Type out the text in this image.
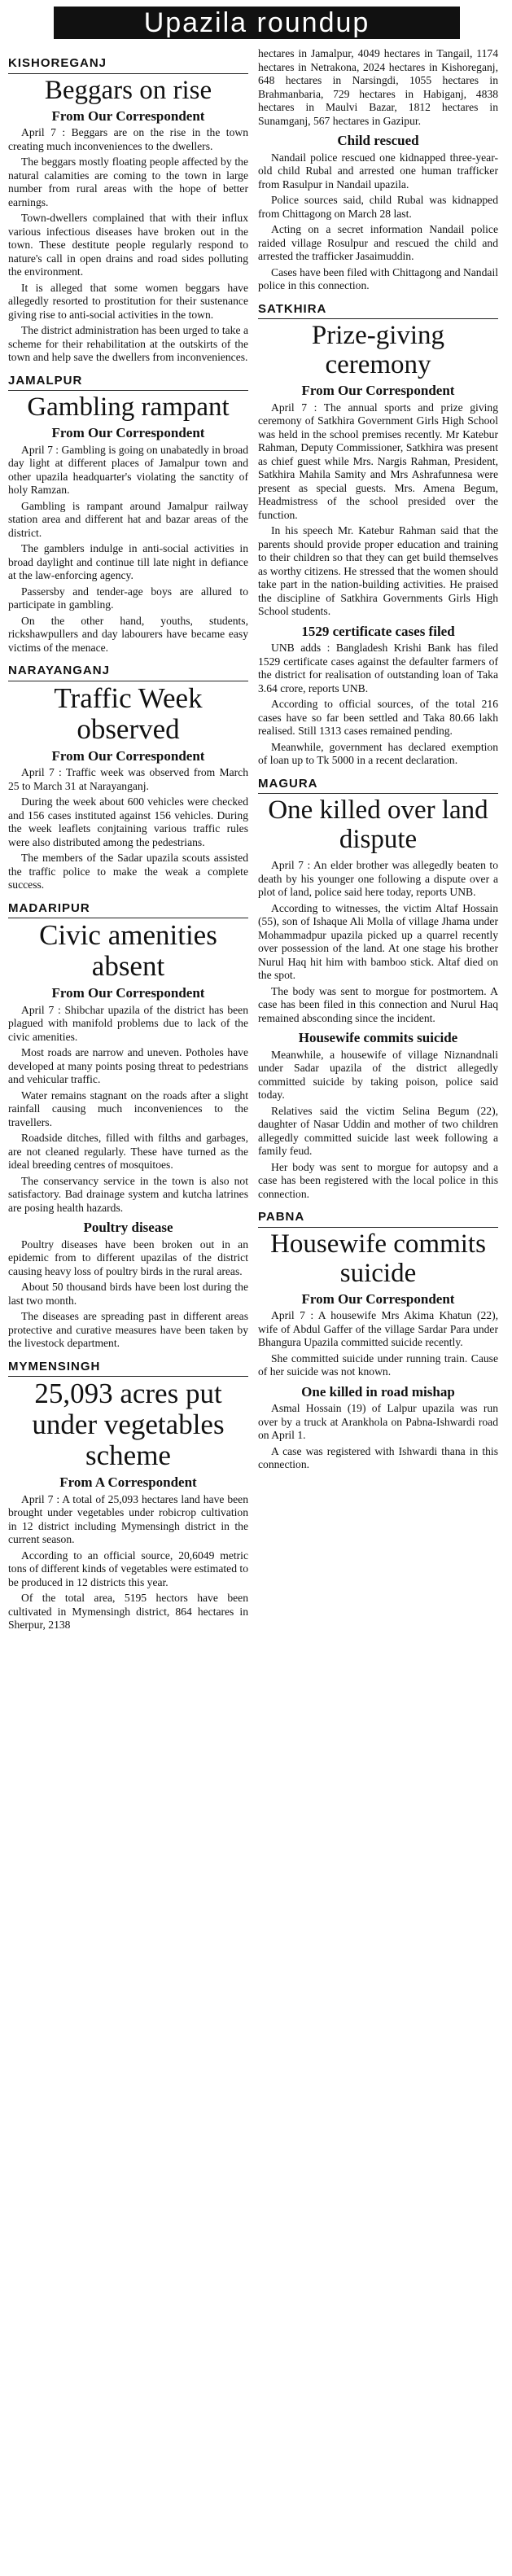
Upazila roundup
KISHOREGANJ
Beggars on rise
From Our Correspondent

April 7 : Beggars are on the rise in the town creating much inconveniences to the dwellers.

The beggars mostly floating people affected by the natural calamities are coming to the town in large number from rural areas with the hope of better earnings.

Town-dwellers complained that with their influx various infectious diseases have broken out in the town. These destitute people regularly respond to nature's call in open drains and road sides polluting the environment.

It is alleged that some women beggars have allegedly resorted to prostitution for their sustenance giving rise to anti-social activities in the town.

The district administration has been urged to take a scheme for their rehabilitation at the outskirts of the town and help save the dwellers from inconveniences.

JAMALPUR
Gambling rampant
From Our Correspondent

April 7 : Gambling is going on unabatedly in broad day light at different places of Jamalpur town and other upazila headquarter's violating the sanctity of holy Ramzan.

Gambling is rampant around Jamalpur railway station area and different hat and bazar areas of the district.

The gamblers indulge in anti-social activities in broad daylight and continue till late night in defiance at the law-enforcing agency.

Passersby and tender-age boys are allured to participate in gambling.

On the other hand, youths, students, rickshawpullers and day labourers have became easy victims of the menace.

NARAYANGANJ
Traffic Week observed
From Our Correspondent

April 7 : Traffic week was observed from March 25 to March 31 at Narayanganj.

During the week about 600 vehicles were checked and 156 cases instituted against 156 vehicles. During the week leaflets conjtaining various traffic rules were also distributed among the pedestrians.

The members of the Sadar upazila scouts assisted the traffic police to make the weak a complete success.

MADARIPUR
Civic amenities absent
From Our Correspondent

April 7 : Shibchar upazila of the district has been plagued with manifold problems due to lack of the civic amenities.

Most roads are narrow and uneven. Potholes have developed at many points posing threat to pedestrians and vehicular traffic.

Water remains stagnant on the roads after a slight rainfall causing much inconveniences to the travellers.

Roadside ditches, filled with filths and garbages, are not cleaned regularly. These have turned as the ideal breeding centres of mosquitoes.

The conservancy service in the town is also not satisfactory. Bad drainage system and kutcha latrines are posing health hazards.

Poultry disease

Poultry diseases have been broken out in an epidemic from to different upazilas of the district causing heavy loss of poultry birds in the rural areas.

About 50 thousand birds have been lost during the last two month.

The diseases are spreading past in different areas protective and curative measures have been taken by the livestock department.

MYMENSINGH
25,093 acres put under vegetables scheme
From A Correspondent

April 7 : A total of 25,093 hectares land have been brought under vegetables under robicrop cultivation in 12 district including Mymensingh district in the current season.

According to an official source, 20,6049 metric tons of different kinds of vegetables were estimated to be produced in 12 districts this year.

Of the total area, 5195 hectors have been cultivated in Mymensingh district, 864 hectares in Sherpur, 2138

hectares in Jamalpur, 4049 hectares in Tangail, 1174 hectares in Netrakona, 2024 hectares in Kishoreganj, 648 hectares in Narsingdi, 1055 hectares in Brahmanbaria, 729 hectares in Habiganj, 4838 hectares in Maulvi Bazar, 1812 hectares in Sunamganj, 567 hectares in Gazipur.

Child rescued

Nandail police rescued one kidnapped three-year-old child Rubal and arrested one human trafficker from Rasulpur in Nandail upazila.

Police sources said, child Rubal was kidnapped from Chittagong on March 28 last.

Acting on a secret information Nandail police raided village Rosulpur and rescued the child and arrested the trafficker Jasaimuddin.

Cases have been filed with Chittagong and Nandail police in this connection.

SATKHIRA
Prize-giving ceremony
From Our Correspondent

April 7 : The annual sports and prize giving ceremony of Satkhira Government Girls High School was held in the school premises recently. Mr Katebur Rahman, Deputy Commissioner, Satkhira was present as chief guest while Mrs. Nargis Rahman, President, Satkhira Mahila Samity and Mrs Ashrafunnesa were present as special guests. Mrs. Amena Begum, Headmistress of the school presided over the function.

In his speech Mr. Katebur Rahman said that the parents should provide proper education and training to their children so that they can get build themselves as worthy citizens. He stressed that the women should take part in the nation-building activities. He praised the discipline of Satkhira Governments Girls High School students.

1529 certificate cases filed

UNB adds : Bangladesh Krishi Bank has filed 1529 certificate cases against the defaulter farmers of the district for realisation of outstanding loan of Taka 3.64 crore, reports UNB.

According to official sources, of the total 216 cases have so far been settled and Taka 80.66 lakh realised. Still 1313 cases remained pending.

Meanwhile, government has declared exemption of loan up to Tk 5000 in a recent declaration.

MAGURA
One killed over land dispute

April 7 : An elder brother was allegedly beaten to death by his younger one following a dispute over a plot of land, police said here today, reports UNB.

According to witnesses, the victim Altaf Hossain (55), son of Ishaque Ali Molla of village Jhama under Mohammadpur upazila picked up a quarrel recently over possession of the land. At one stage his brother Nurul Haq hit him with bamboo stick. Altaf died on the spot.

The body was sent to morgue for postmortem. A case has been filed in this connection and Nurul Haq remained absconding since the incident.

Housewife commits suicide

Meanwhile, a housewife of village Niznandnali under Sadar upazila of the district allegedly committed suicide by taking poison, police said today.

Relatives said the victim Selina Begum (22), daughter of Nasar Uddin and mother of two children allegedly committed suicide last week following a family feud.

Her body was sent to morgue for autopsy and a case has been registered with the local police in this connection.

PABNA
Housewife commits suicide
From Our Correspondent

April 7 : A housewife Mrs Akima Khatun (22), wife of Abdul Gaffer of the village Sardar Para under Bhangura Upazila committed suicide recently.

She committed suicide under running train. Cause of her suicide was not known.

One killed in road mishap

Asmal Hossain (19) of Lalpur upazila was run over by a truck at Arankhola on Pabna-Ishwardi road on April 1.

A case was registered with Ishwardi thana in this connection.
